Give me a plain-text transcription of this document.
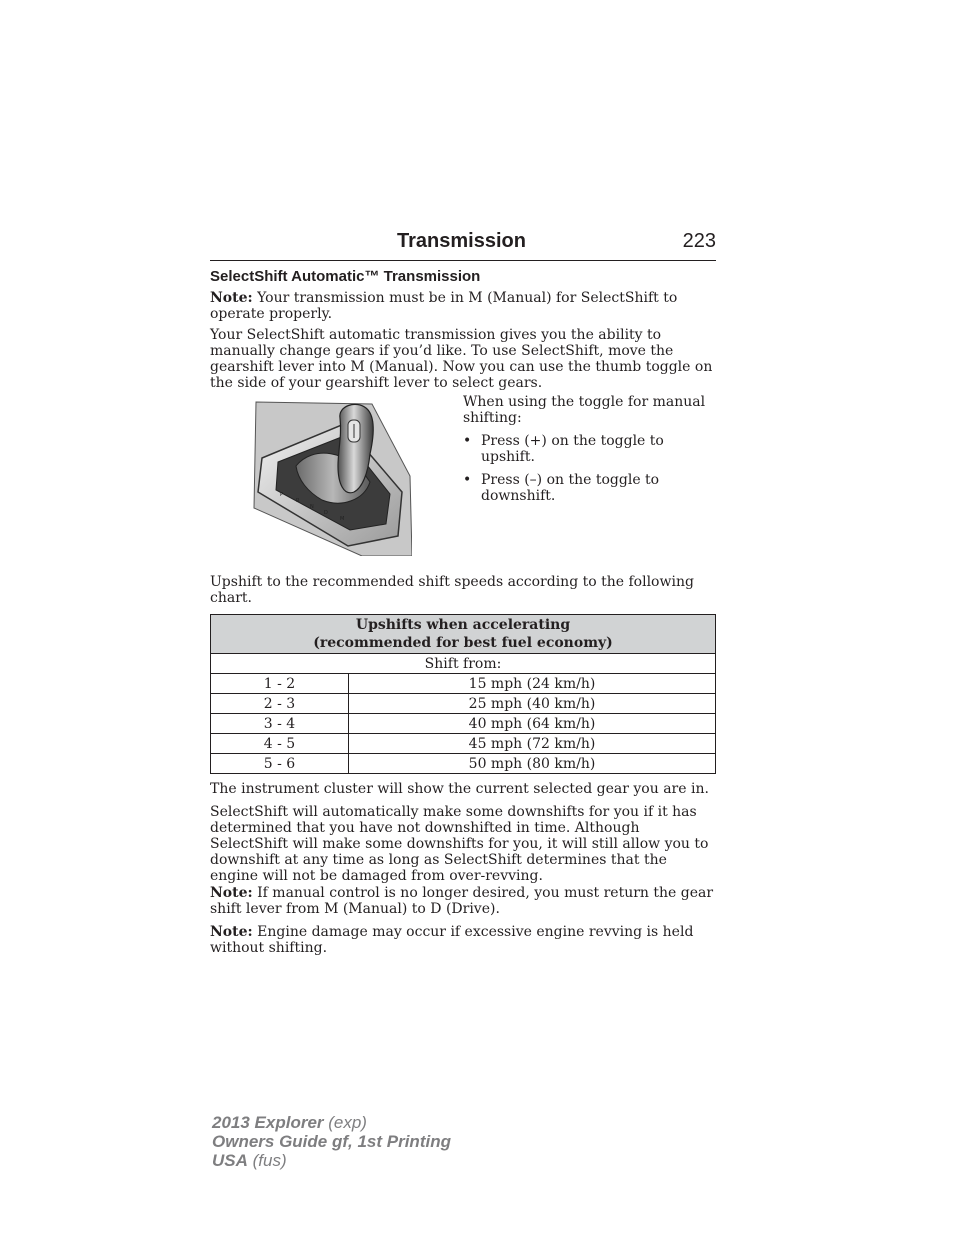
Transmission	223
SelectShift Automatic™ Transmission

Note: Your transmission must be in M (Manual) for SelectShift to operate properly.

Your SelectShift automatic transmission gives you the ability to manually change gears if you’d like. To use SelectShift, move the gearshift lever into M (Manual). Now you can use the thumb toggle on the side of your gearshift lever to select gears.

P
R
N
D
M
When using the toggle for manual shifting:
• Press (+) on the toggle to upshift.
• Press (–) on the toggle to downshift.

Upshift to the recommended shift speeds according to the following chart.

Upshifts when accelerating
(recommended for best fuel economy)	
Shift from:	
1 - 2	15 mph (24 km/h)
2 - 3	25 mph (40 km/h)
3 - 4	40 mph (64 km/h)
4 - 5	45 mph (72 km/h)
5 - 6	50 mph (80 km/h)

The instrument cluster will show the current selected gear you are in.

SelectShift will automatically make some downshifts for you if it has determined that you have not downshifted in time. Although SelectShift will make some downshifts for you, it will still allow you to downshift at any time as long as SelectShift determines that the engine will not be damaged from over-revving.

Note: If manual control is no longer desired, you must return the gear shift lever from M (Manual) to D (Drive).

Note: Engine damage may occur if excessive engine revving is held without shifting.

2013 Explorer (exp)
Owners Guide gf, 1st Printing
USA (fus)
